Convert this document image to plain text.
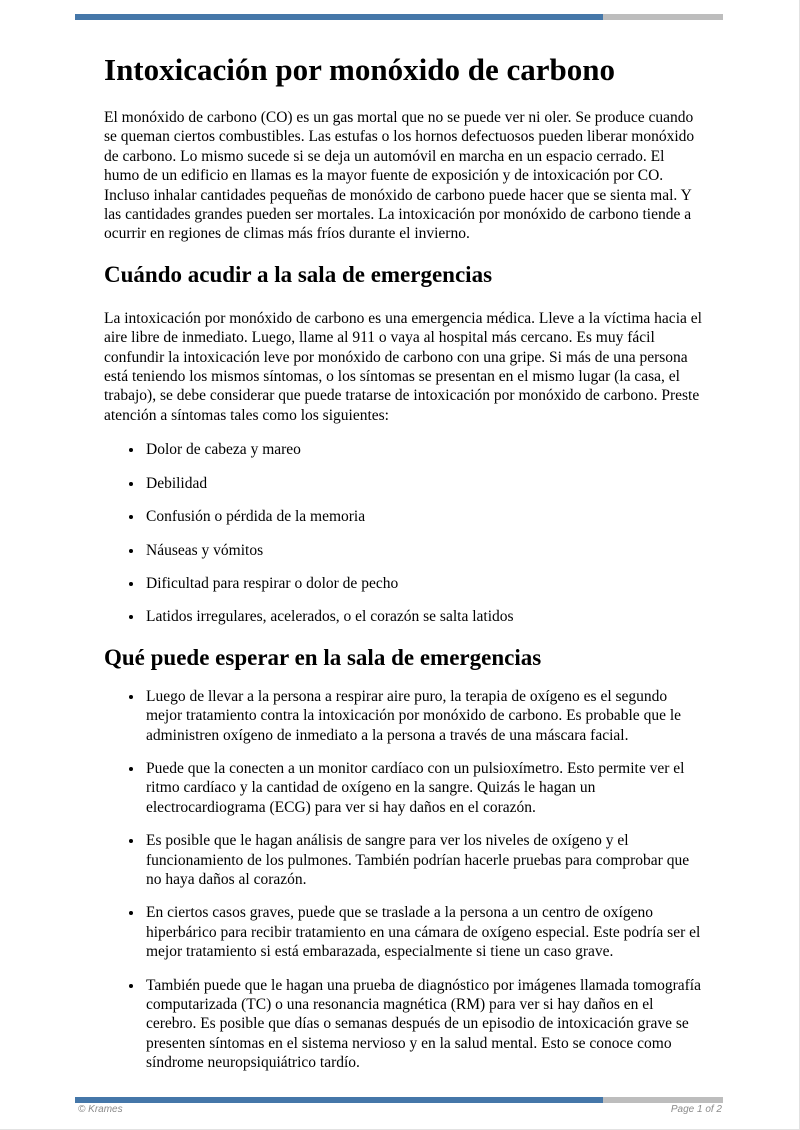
Intoxicación por monóxido de carbono

El monóxido de carbono (CO) es un gas mortal que no se puede ver ni oler. Se produce cuando se queman ciertos combustibles. Las estufas o los hornos defectuosos pueden liberar monóxido de carbono. Lo mismo sucede si se deja un automóvil en marcha en un espacio cerrado. El humo de un edificio en llamas es la mayor fuente de exposición y de intoxicación por CO. Incluso inhalar cantidades pequeñas de monóxido de carbono puede hacer que se sienta mal. Y las cantidades grandes pueden ser mortales. La intoxicación por monóxido de carbono tiende a ocurrir en regiones de climas más fríos durante el invierno.

Cuándo acudir a la sala de emergencias

La intoxicación por monóxido de carbono es una emergencia médica. Lleve a la víctima hacia el aire libre de inmediato. Luego, llame al 911 o vaya al hospital más cercano. Es muy fácil confundir la intoxicación leve por monóxido de carbono con una gripe. Si más de una persona está teniendo los mismos síntomas, o los síntomas se presentan en el mismo lugar (la casa, el trabajo), se debe considerar que puede tratarse de intoxicación por monóxido de carbono. Preste atención a síntomas tales como los siguientes:

• Dolor de cabeza y mareo
• Debilidad
• Confusión o pérdida de la memoria
• Náuseas y vómitos
• Dificultad para respirar o dolor de pecho
• Latidos irregulares, acelerados, o el corazón se salta latidos
Qué puede esperar en la sala de emergencias
• Luego de llevar a la persona a respirar aire puro, la terapia de oxígeno es el segundo mejor tratamiento contra la intoxicación por monóxido de carbono. Es probable que le administren oxígeno de inmediato a la persona a través de una máscara facial.
• Puede que la conecten a un monitor cardíaco con un pulsioxímetro. Esto permite ver el ritmo cardíaco y la cantidad de oxígeno en la sangre. Quizás le hagan un electrocardiograma (ECG) para ver si hay daños en el corazón.
• Es posible que le hagan análisis de sangre para ver los niveles de oxígeno y el funcionamiento de los pulmones. También podrían hacerle pruebas para comprobar que no haya daños al corazón.
• En ciertos casos graves, puede que se traslade a la persona a un centro de oxígeno hiperbárico para recibir tratamiento en una cámara de oxígeno especial. Este podría ser el mejor tratamiento si está embarazada, especialmente si tiene un caso grave.
• También puede que le hagan una prueba de diagnóstico por imágenes llamada tomografía computarizada (TC) o una resonancia magnética (RM) para ver si hay daños en el cerebro. Es posible que días o semanas después de un episodio de intoxicación grave se presenten síntomas en el sistema nervioso y en la salud mental. Esto se conoce como síndrome neuropsiquiátrico tardío.
© Krames	Page 1 of 2
